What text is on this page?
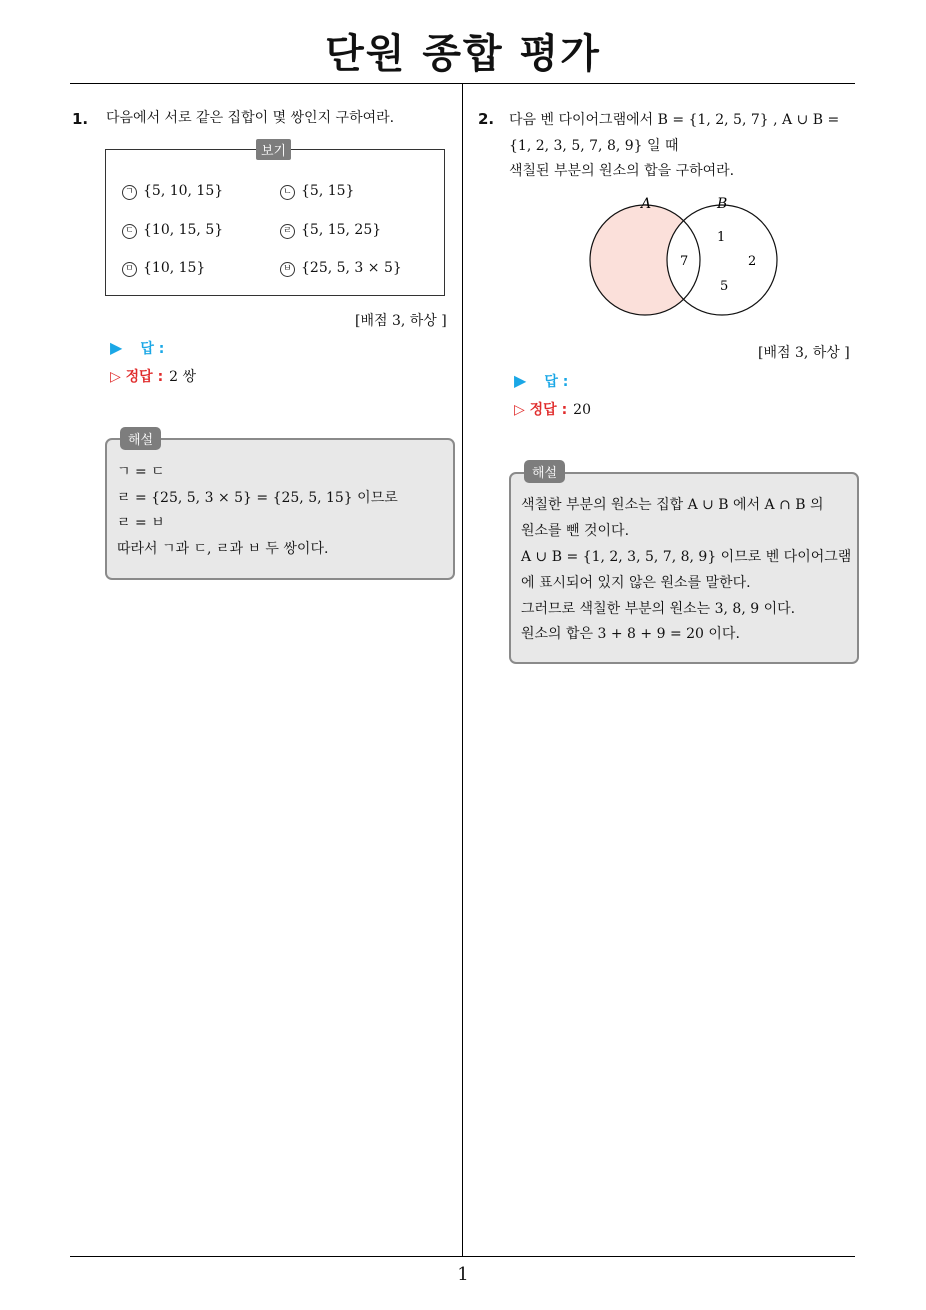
단원 종합 평가
1
1. 다음에서 서로 같은 집합이 몇 쌍인지 구하여라.
보기
ㄱ {5, 10, 15}	ㄴ {5, 15}
ㄷ {10, 15, 5}	ㄹ {5, 15, 25}
ㅁ {10, 15}	ㅂ {25, 5, 3 × 5}
[배점 3, 하상 ]
▶ 답 :
▷ 정답 : 2 쌍
해설
ㄱ = ㄷ
ㄹ = {25, 5, 3 × 5} = {25, 5, 15} 이므로
ㄹ = ㅂ
따라서 ㄱ과 ㄷ, ㄹ과 ㅂ 두 쌍이다.
2. 다음 벤 다이어그램에서 B = {1, 2, 5, 7} , A ∪ B =
{1, 2, 3, 5, 7, 8, 9} 일 때
색칠된 부분의 원소의 합을 구하여라.
A	B
7
1
2
5
[배점 3, 하상 ]
▶ 답 :
▷ 정답 : 20
해설
색칠한 부분의 원소는 집합 A ∪ B 에서 A ∩ B 의
원소를 뺀 것이다.
A ∪ B = {1, 2, 3, 5, 7, 8, 9} 이므로 벤 다이어그램
에 표시되어 있지 않은 원소를 말한다.
그러므로 색칠한 부분의 원소는 3, 8, 9 이다.
원소의 합은 3 + 8 + 9 = 20 이다.
